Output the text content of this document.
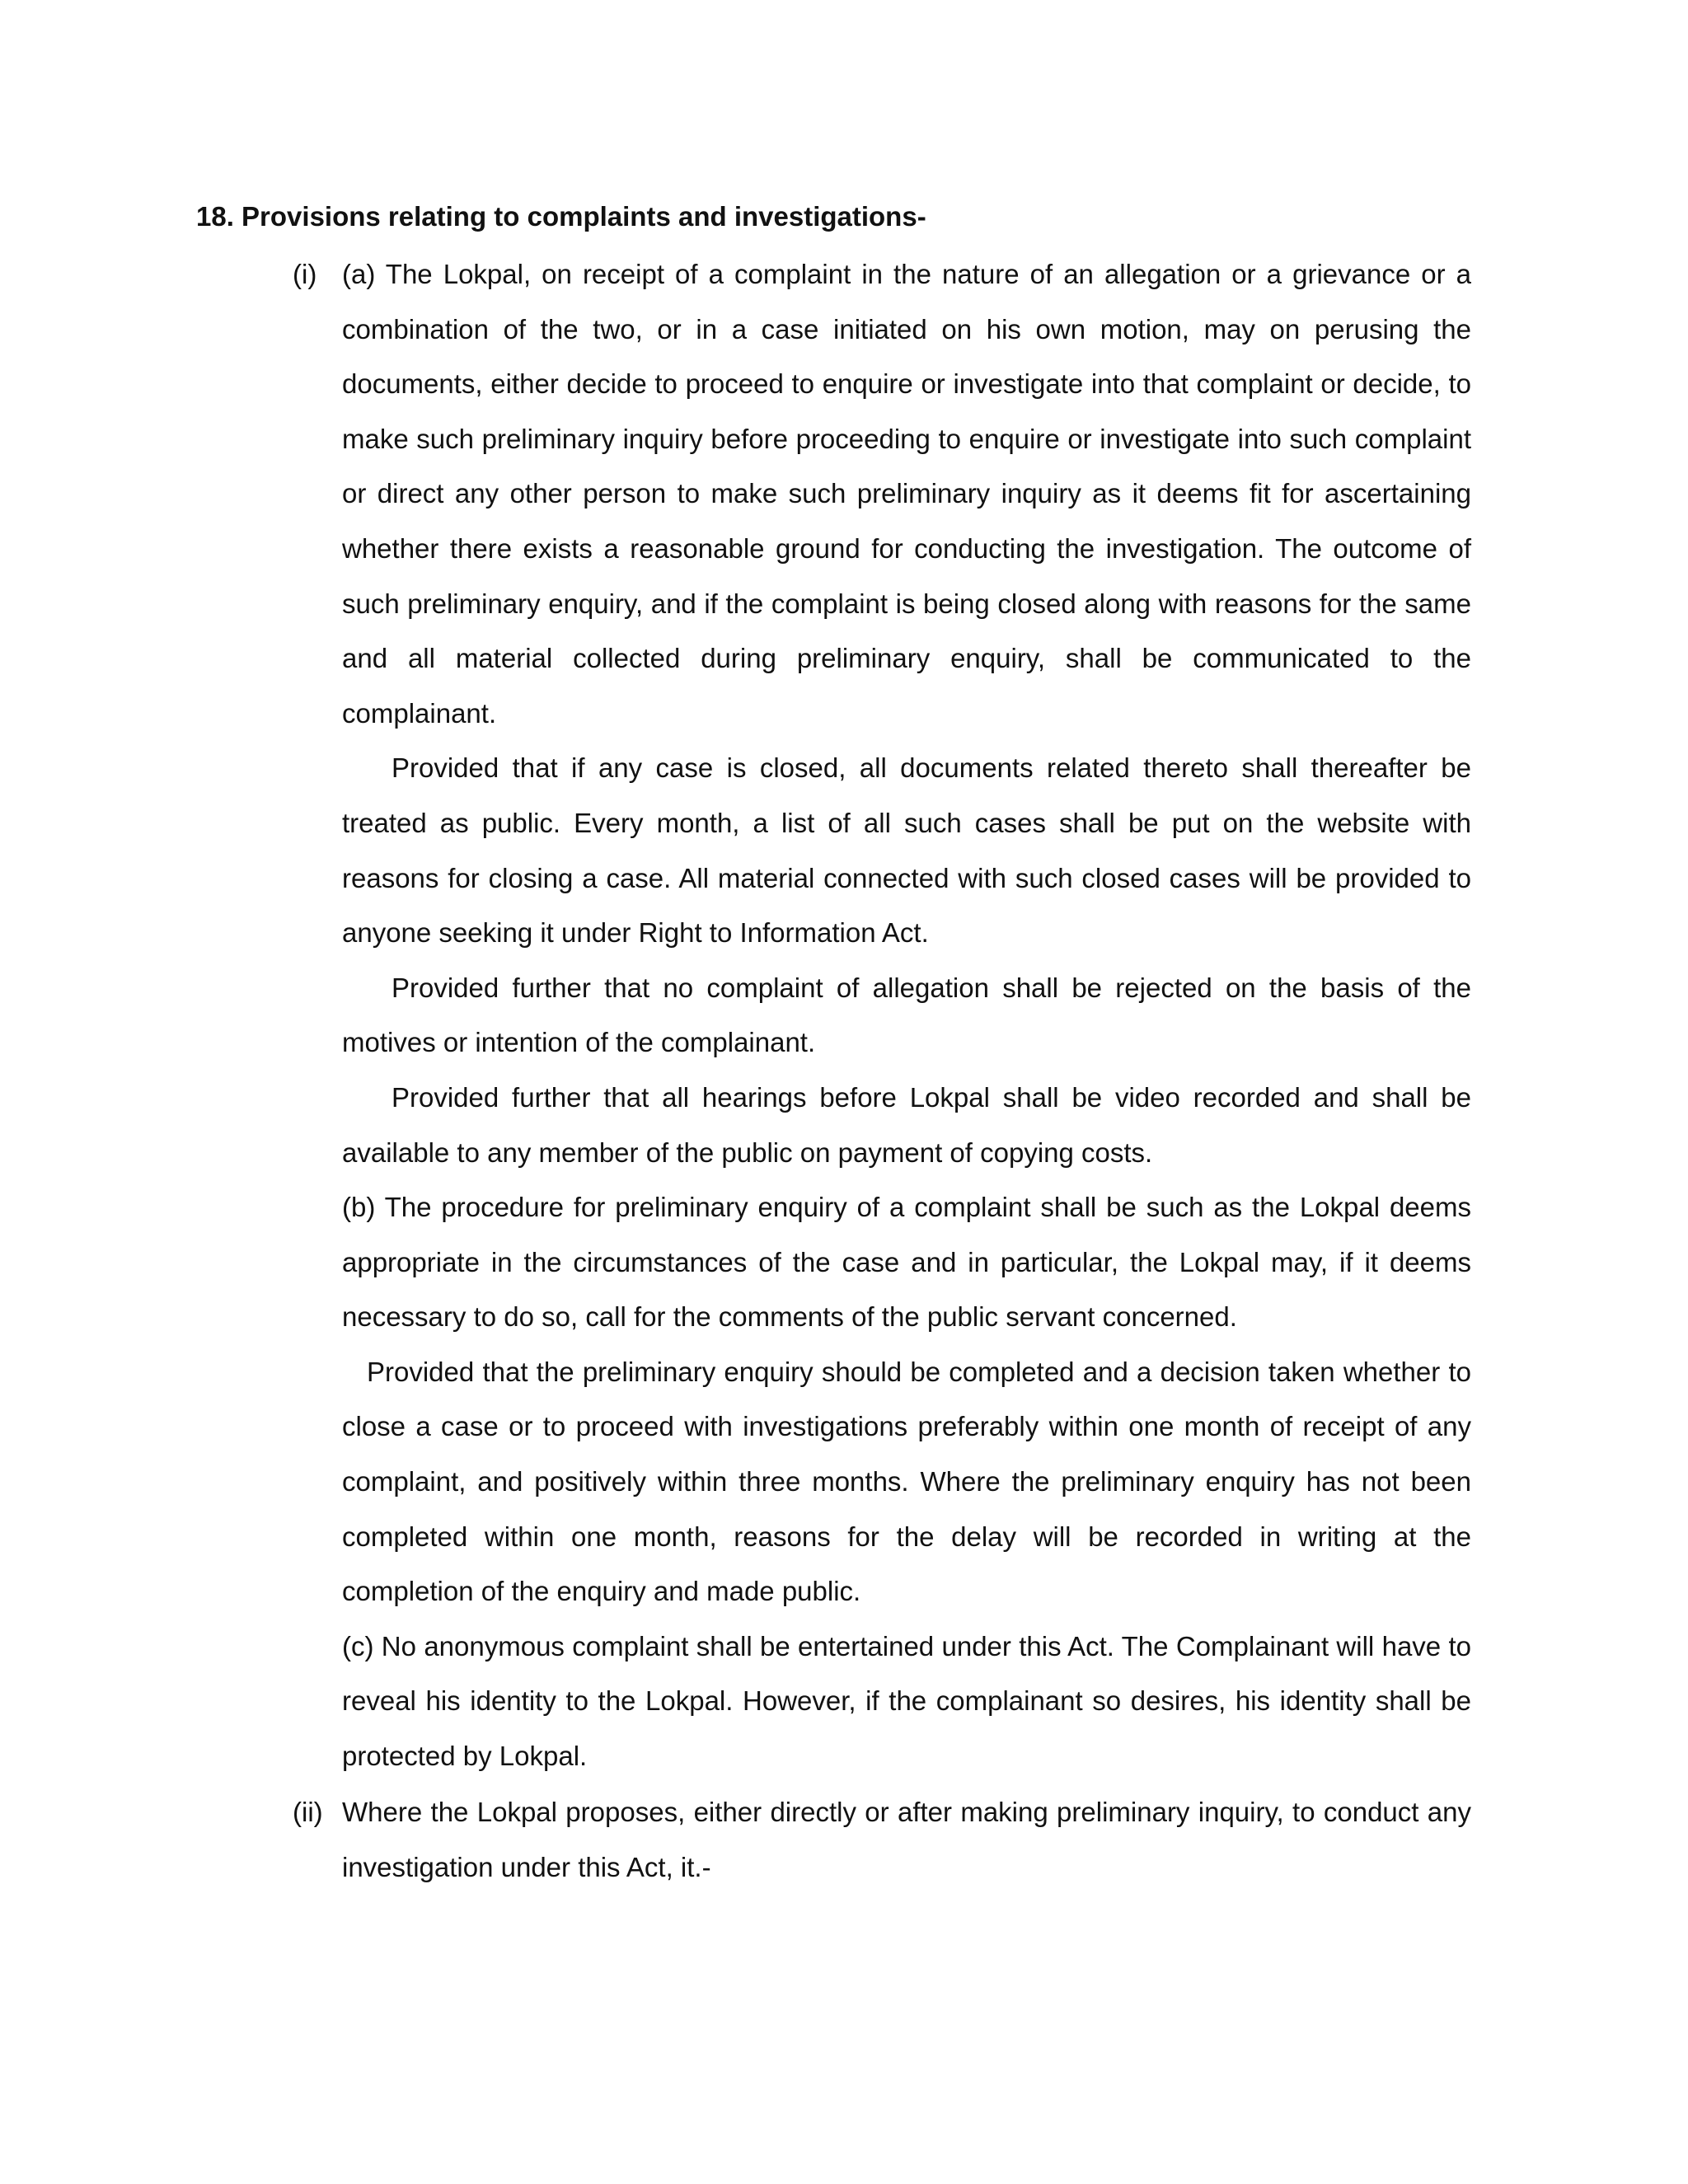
18. Provisions relating to complaints and investigations-
(i) (a) The Lokpal, on receipt of a complaint in the nature of an allegation or a grievance or a combination of the two, or in a case initiated on his own motion, may on perusing the documents, either decide to proceed to enquire or investigate into that complaint or decide, to make such preliminary inquiry before proceeding to enquire or investigate into such complaint or direct any other person to make such preliminary inquiry as it deems fit for ascertaining whether there exists a reasonable ground for conducting the investigation. The outcome of such preliminary enquiry, and if the complaint is being closed along with reasons for the same and all material collected during preliminary enquiry, shall be communicated to the complainant.

Provided that if any case is closed, all documents related thereto shall thereafter be treated as public. Every month, a list of all such cases shall be put on the website with reasons for closing a case. All material connected with such closed cases will be provided to anyone seeking it under Right to Information Act.

Provided further that no complaint of allegation shall be rejected on the basis of the motives or intention of the complainant.

Provided further that all hearings before Lokpal shall be video recorded and shall be available to any member of the public on payment of copying costs.

(b) The procedure for preliminary enquiry of a complaint shall be such as the Lokpal deems appropriate in the circumstances of the case and in particular, the Lokpal may, if it deems necessary to do so, call for the comments of the public servant concerned.

Provided that the preliminary enquiry should be completed and a decision taken whether to close a case or to proceed with investigations preferably within one month of receipt of any complaint, and positively within three months. Where the preliminary enquiry has not been completed within one month, reasons for the delay will be recorded in writing at the completion of the enquiry and made public.

(c) No anonymous complaint shall be entertained under this Act. The Complainant will have to reveal his identity to the Lokpal. However, if the complainant so desires, his identity shall be protected by Lokpal.

(ii) Where the Lokpal proposes, either directly or after making preliminary inquiry, to conduct any investigation under this Act, it.-
